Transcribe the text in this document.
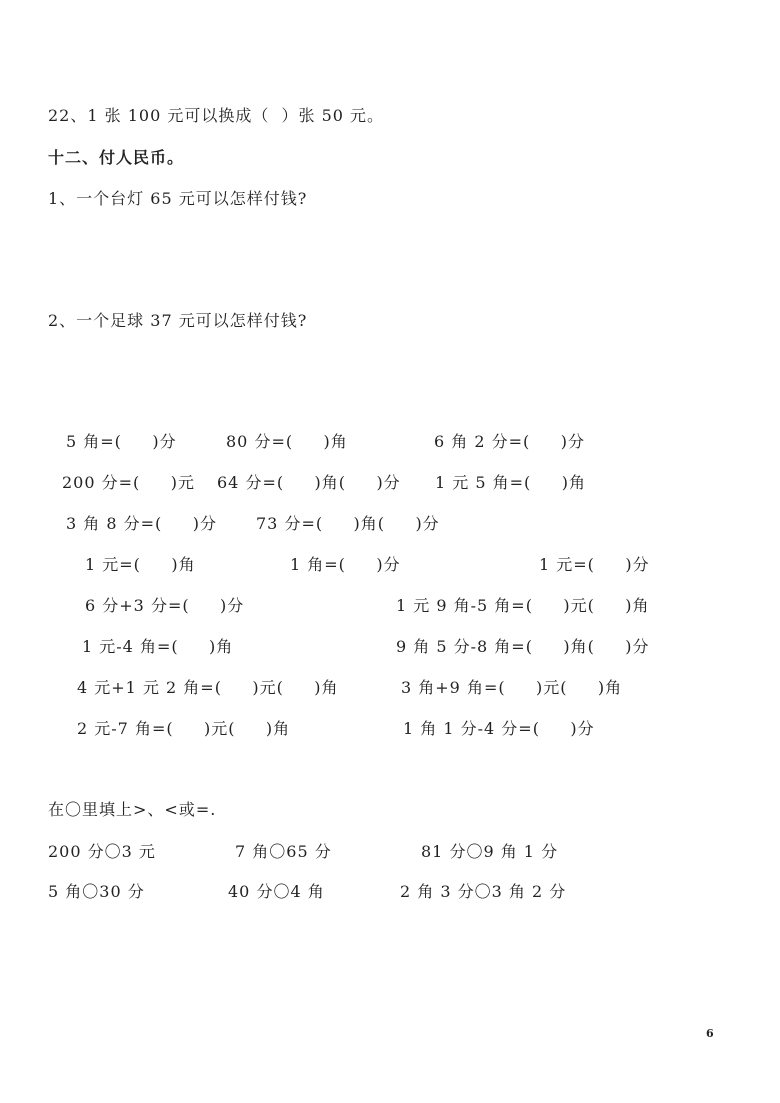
22、1 张 100 元可以换成（  ）张 50 元。
十二、付人民币。
1、一个台灯 65 元可以怎样付钱?
2、一个足球 37 元可以怎样付钱?
5 角=(     )分	80 分=(     )角	6 角 2 分=(     )分
200 分=(     )元 64 分=(     )角(     )分 1 元 5 角=(     )角
3 角 8 分=(     )分 73 分=(     )角(     )分
1 元=(     )角	1 角=(     )分	1 元=(     )分
6 分+3 分=(     )分	1 元 9 角-5 角=(     )元(     )角
1 元-4 角=(     )角	9 角 5 分-8 角=(     )角(     )分
4 元+1 元 2 角=(     )元(     )角	3 角+9 角=(     )元(     )角
2 元-7 角=(     )元(     )角	1 角 1 分-4 分=(     )分
在〇里填上>、<或=.
200 分〇3 元	7 角〇65 分	81 分〇9 角 1 分
5 角〇30 分	40 分〇4 角	2 角 3 分〇3 角 2 分
6
